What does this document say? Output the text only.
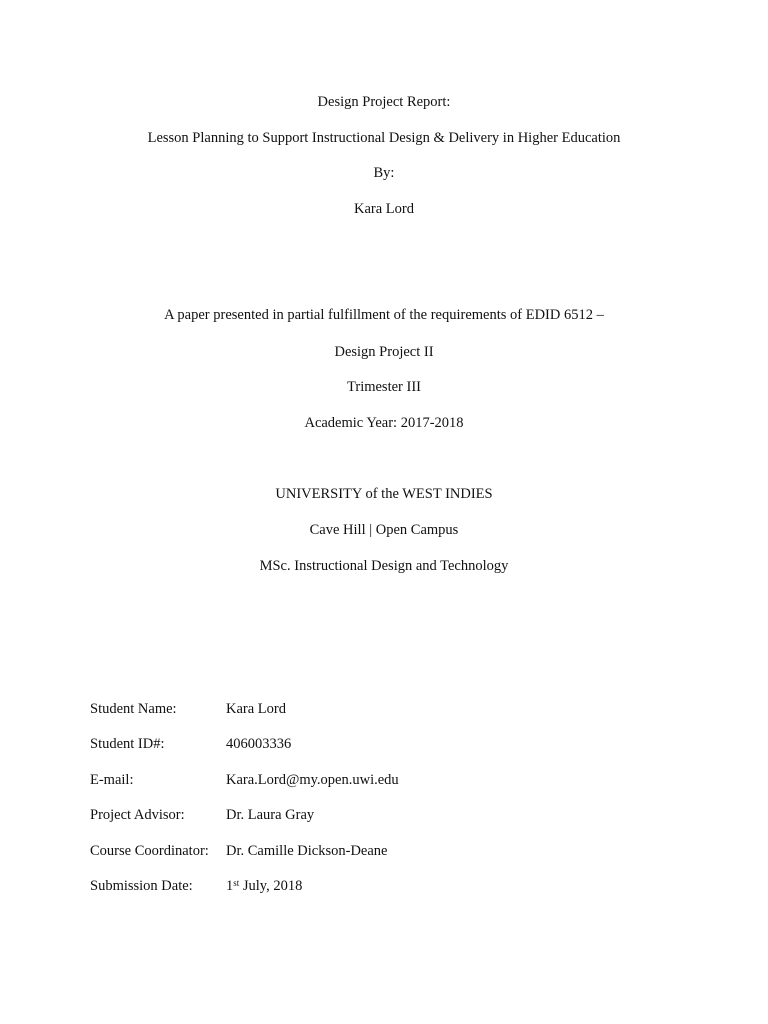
Design Project Report:
Lesson Planning to Support Instructional Design & Delivery in Higher Education
By:
Kara Lord
A paper presented in partial fulfillment of the requirements of EDID 6512 –
Design Project II
Trimester III
Academic Year: 2017-2018
UNIVERSITY of the WEST INDIES
Cave Hill | Open Campus
MSc. Instructional Design and Technology
Student Name:	Kara Lord
Student ID#:	406003336
E-mail:	Kara.Lord@my.open.uwi.edu
Project Advisor:	Dr. Laura Gray
Course Coordinator: Dr. Camille Dickson-Deane
Submission Date: 1st July, 2018
